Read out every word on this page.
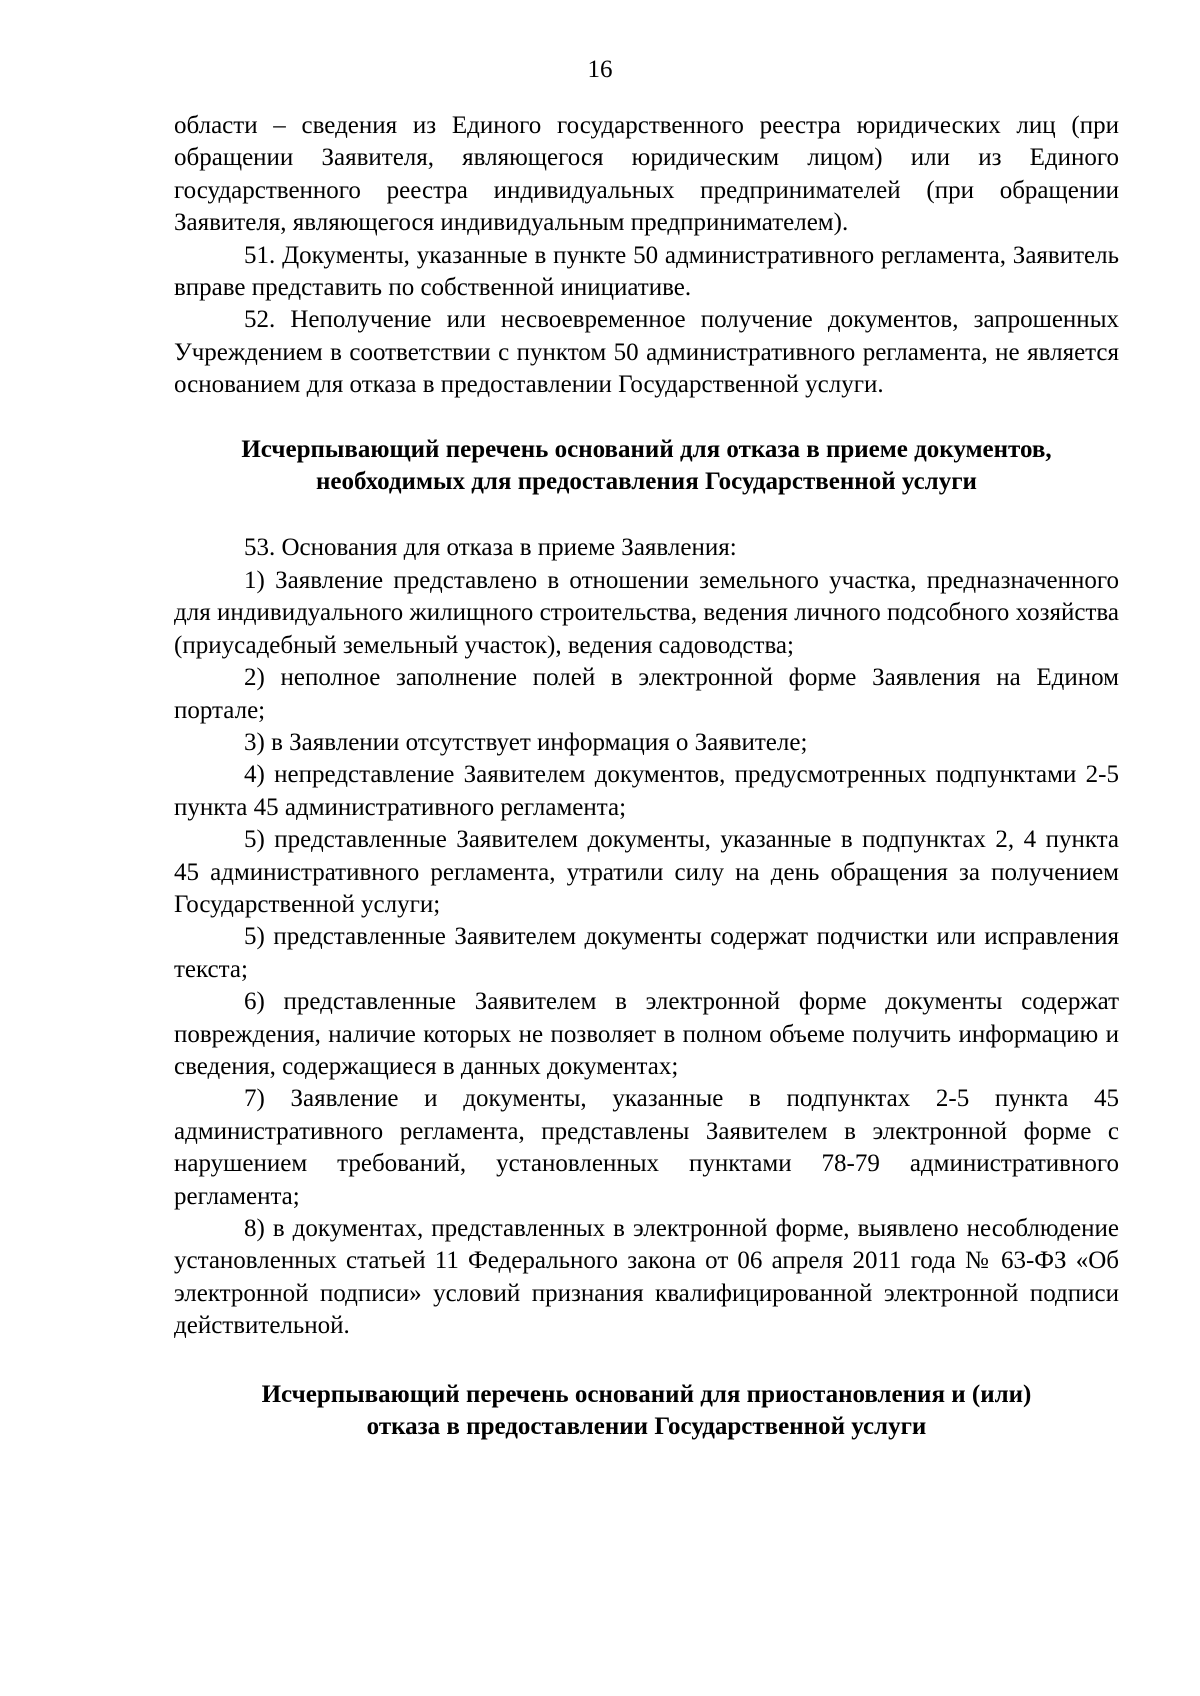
16

области – сведения из Единого государственного реестра юридических лиц (при обращении Заявителя, являющегося юридическим лицом) или из Единого государственного реестра индивидуальных предпринимателей (при обращении Заявителя, являющегося индивидуальным предпринимателем).

51. Документы, указанные в пункте 50 административного регламента, Заявитель вправе представить по собственной инициативе.

52. Неполучение или несвоевременное получение документов, запрошенных Учреждением в соответствии с пунктом 50 административного регламента, не является основанием для отказа в предоставлении Государственной услуги.

Исчерпывающий перечень оснований для отказа в приеме документов,
необходимых для предоставления Государственной услуги

53. Основания для отказа в приеме Заявления:

1) Заявление представлено в отношении земельного участка, предназначенного для индивидуального жилищного строительства, ведения личного подсобного хозяйства (приусадебный земельный участок), ведения садоводства;

2) неполное заполнение полей в электронной форме Заявления на Едином портале;

3) в Заявлении отсутствует информация о Заявителе;

4) непредставление Заявителем документов, предусмотренных подпунктами 2-5 пункта 45 административного регламента;

5) представленные Заявителем документы, указанные в подпунктах 2, 4 пункта 45 административного регламента, утратили силу на день обращения за получением Государственной услуги;

5) представленные Заявителем документы содержат подчистки или исправления текста;

6) представленные Заявителем в электронной форме документы содержат повреждения, наличие которых не позволяет в полном объеме получить информацию и сведения, содержащиеся в данных документах;

7) Заявление и документы, указанные в подпунктах 2-5 пункта 45 административного регламента, представлены Заявителем в электронной форме с нарушением требований, установленных пунктами 78-79 административного регламента;

8) в документах, представленных в электронной форме, выявлено несоблюдение установленных статьей 11 Федерального закона от 06 апреля 2011 года № 63-ФЗ «Об электронной подписи» условий признания квалифицированной электронной подписи действительной.

Исчерпывающий перечень оснований для приостановления и (или)
отказа в предоставлении Государственной услуги
